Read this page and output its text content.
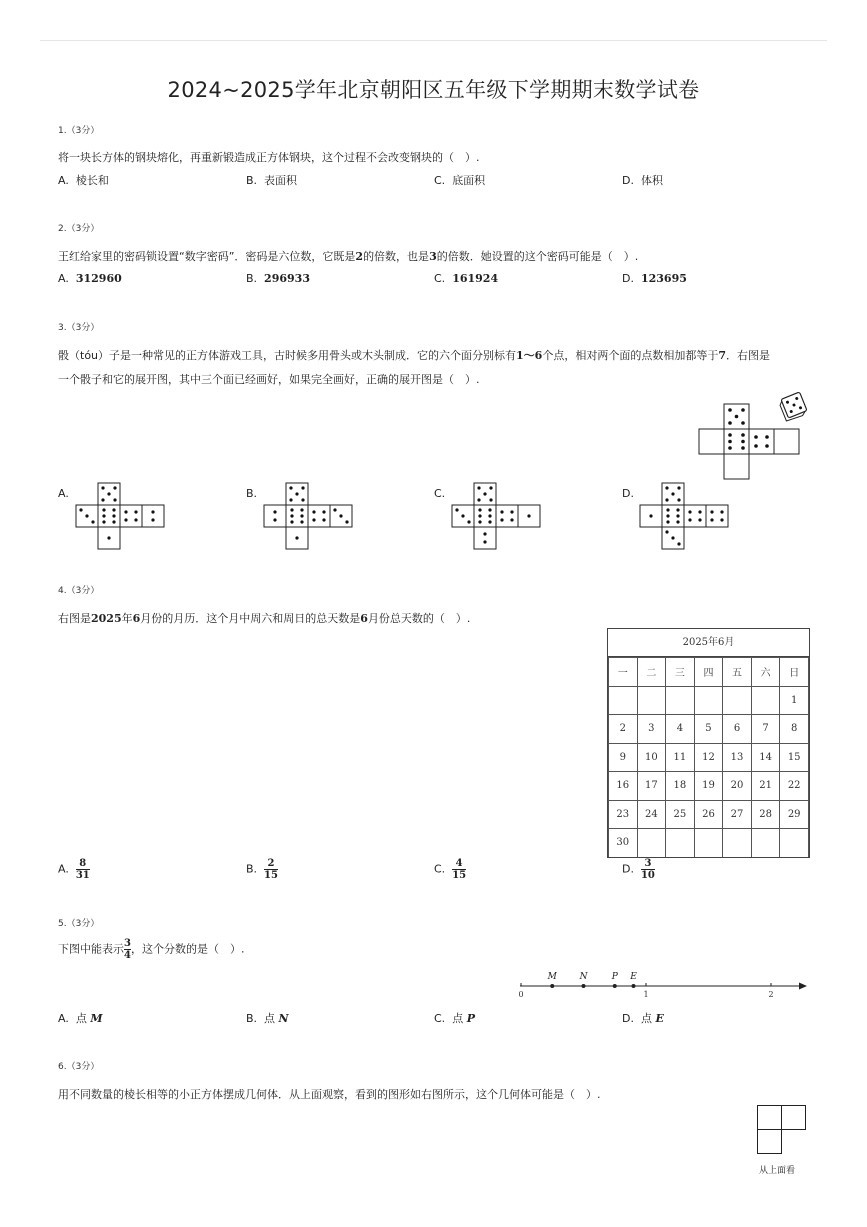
2024~2025学年北京朝阳区五年级下学期期末数学试卷
1.（3分）
将一块长方体的钢块熔化，再重新锻造成正方体钢块，这个过程不会改变钢块的（　）.
A. 棱长和	B. 表面积	C. 底面积	D. 体积
2.（3分）
王红给家里的密码锁设置“数字密码”．密码是六位数，它既是2的倍数，也是3的倍数．她设置的这个密码可能是（　）.
A. 312960	B. 296933	C. 161924	D. 123695
3.（3分）
骰（tóu）子是一种常见的正方体游戏工具，古时候多用骨头或木头制成．它的六个面分别标有1～6个点，相对两个面的点数相加都等于7．右图是
一个骰子和它的展开图，其中三个面已经画好，如果完全画好，正确的展开图是（　）.
A.	B.	C.	D.
4.（3分）
右图是2025年6月份的月历．这个月中周六和周日的总天数是6月份总天数的（　）.
2025年6月
一	二	三	四	五	六	日
						1
2	3	4	5	6	7	8
9	10	11	12	13	14	15
16	17	18	19	20	21	22
23	24	25	26	27	28	29
30						
A. $\frac{8}{31}$	B. $\frac{2}{15}$	C. $\frac{4}{15}$	D. $\frac{3}{10}$
5.（3分）
下图中能表示 $\frac{3}{4}$ ，这个分数的是（　）.
0	1	2
M	N	P E
A. 点 M	B. 点 N	C. 点 P	D. 点 E
6.（3分）
用不同数量的棱长相等的小正方体摆成几何体．从上面观察，看到的图形如右图所示，这个几何体可能是（　）.
从上面看
